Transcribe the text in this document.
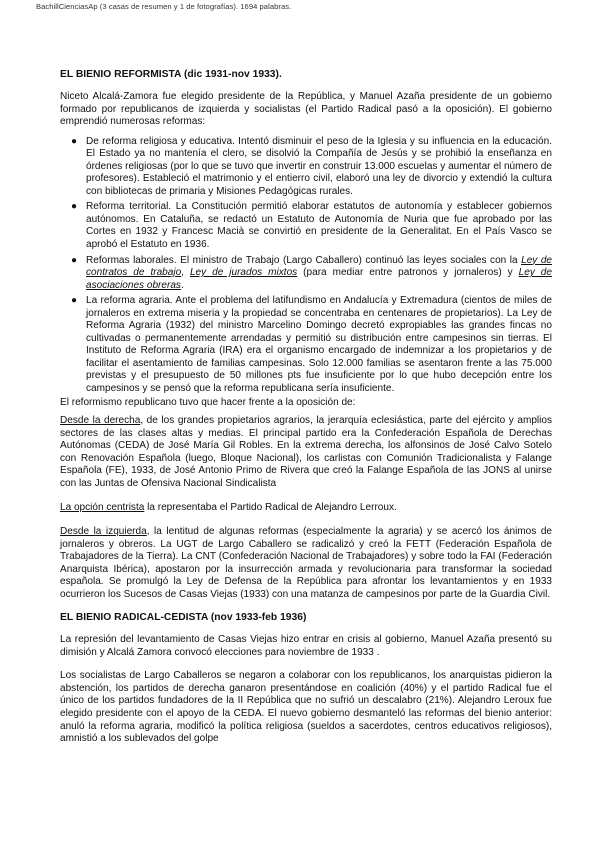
BachillCienciasAp (3 casas de resumen y 1 de fotografías). 1694 palabras.
EL BIENIO REFORMISTA (dic 1931-nov 1933).

Niceto Alcalá-Zamora fue elegido presidente de la República, y Manuel Azaña presidente de un gobierno formado por republicanos de izquierda y socialistas (el Partido Radical pasó a la oposición). El gobierno emprendió numerosas reformas:

● De reforma religiosa y educativa. Intentó disminuir el peso de la Iglesia y su influencia en la educación. El Estado ya no mantenía el clero, se disolvió la Compañía de Jesús y se prohibió la enseñanza en órdenes religiosas (por lo que se tuvo que invertir en construir 13.000 escuelas y aumentar el número de profesores). Estableció el matrimonio y el entierro civil, elaboró una ley de divorcio y extendió la cultura con bibliotecas de primaria y Misiones Pedagógicas rurales.
● Reforma territorial. La Constitución permitió elaborar estatutos de autonomía y establecer gobiernos autónomos. En Cataluña, se redactó un Estatuto de Autonomía de Nuria que fue aprobado por las Cortes en 1932 y Francesc Macià se convirtió en presidente de la Generalitat. En el País Vasco se aprobó el Estatuto en 1936.
● Reformas laborales. El ministro de Trabajo (Largo Caballero) continuó las leyes sociales con la Ley de contratos de trabajo, Ley de jurados mixtos (para mediar entre patronos y jornaleros) y Ley de asociaciones obreras.
● La reforma agraria. Ante el problema del latifundismo en Andalucía y Extremadura (cientos de miles de jornaleros en extrema miseria y la propiedad se concentraba en centenares de propietarios). La Ley de Reforma Agraria (1932) del ministro Marcelino Domingo decretó expropiables las grandes fincas no cultivadas o permanentemente arrendadas y permitió su distribución entre campesinos sin tierras. El Instituto de Reforma Agraria (IRA) era el organismo encargado de indemnizar a los propietarios y de facilitar el asentamiento de familias campesinas. Solo 12.000 familias se asentaron frente a las 75.000 previstas y el presupuesto de 50 millones pts fue insuficiente por lo que hubo decepción entre los campesinos y se pensó que la reforma republicana sería insuficiente.

El reformismo republicano tuvo que hacer frente a la oposición de:

Desde la derecha, de los grandes propietarios agrarios, la jerarquía eclesiástica, parte del ejército y amplios sectores de las clases altas y medias. El principal partido era la Confederación Española de Derechas Autónomas (CEDA) de José María Gil Robles. En la extrema derecha, los alfonsinos de José Calvo Sotelo con Renovación Española (luego, Bloque Nacional), los carlistas con Comunión Tradicionalista y Falange Española (FE), 1933, de José Antonio Primo de Rivera que creó la Falange Española de las JONS al unirse con las Juntas de Ofensiva Nacional Sindicalista

La opción centrista la representaba el Partido Radical de Alejandro Lerroux.

Desde la izquierda, la lentitud de algunas reformas (especialmente la agraria) y se acercó los ánimos de jornaleros y obreros. La UGT de Largo Caballero se radicalizó y creó la FETT (Federación Española de Trabajadores de la Tierra). La CNT (Confederación Nacional de Trabajadores) y sobre todo la FAI (Federación Anarquista Ibérica), apostaron por la insurrección armada y revolucionaria para transformar la sociedad española. Se promulgó la Ley de Defensa de la República para afrontar los levantamientos y en 1933 ocurrieron los Sucesos de Casas Viejas (1933) con una matanza de campesinos por parte de la Guardia Civil.

EL BIENIO RADICAL-CEDISTA (nov 1933-feb 1936)

La represión del levantamiento de Casas Viejas hizo entrar en crisis al gobierno, Manuel Azaña presentó su dimisión y Alcalá Zamora convocó elecciones para noviembre de 1933 .

Los socialistas de Largo Caballeros se negaron a colaborar con los republicanos, los anarquistas pidieron la abstención, los partidos de derecha ganaron presentándose en coalición (40%) y el partido Radical fue el único de los partidos fundadores de la II República que no sufrió un descalabro (21%). Alejandro Leroux fue elegido presidente con el apoyo de la CEDA. El nuevo gobierno desmanteló las reformas del bienio anterior: anuló la reforma agraria, modificó la política religiosa (sueldos a sacerdotes, centros educativos religiosos), amnistió a los sublevados del golpe
